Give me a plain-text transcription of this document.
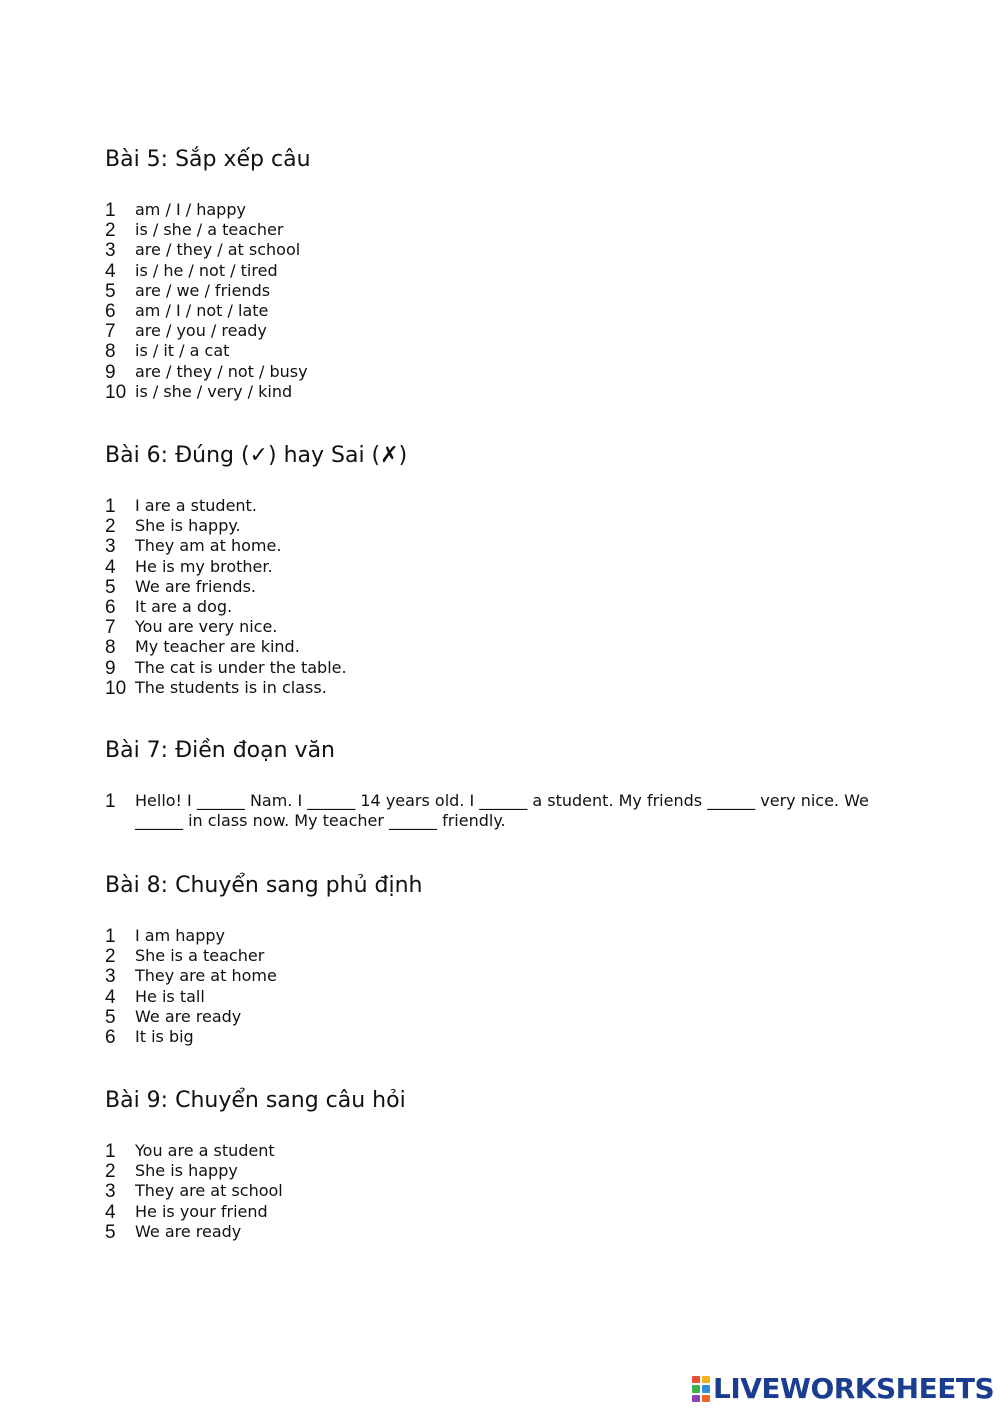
Bài 5: Sắp xếp câu
1	am / I / happy
2	is / she / a teacher
3	are / they / at school
4	is / he / not / tired
5	are / we / friends
6	am / I / not / late
7	are / you / ready
8	is / it / a cat
9	are / they / not / busy
10 is / she / very / kind
Bài 6: Đúng (✓) hay Sai (✗)
1	I are a student.
2	She is happy.
3	They am at home.
4	He is my brother.
5	We are friends.
6	It are a dog.
7	You are very nice.
8	My teacher are kind.
9	The cat is under the table.
10 The students is in class.
Bài 7: Điền đoạn văn
1	Hello! I ______ Nam. I ______ 14 years old. I ______ a student. My friends ______ very nice. We ______ in class now. My teacher ______ friendly.
Bài 8: Chuyển sang phủ định
1	I am happy
2	She is a teacher
3	They are at home
4	He is tall
5	We are ready
6	It is big
Bài 9: Chuyển sang câu hỏi
1	You are a student
2	She is happy
3	They are at school
4	He is your friend
5	We are ready
LIVEWORKSHEETS
